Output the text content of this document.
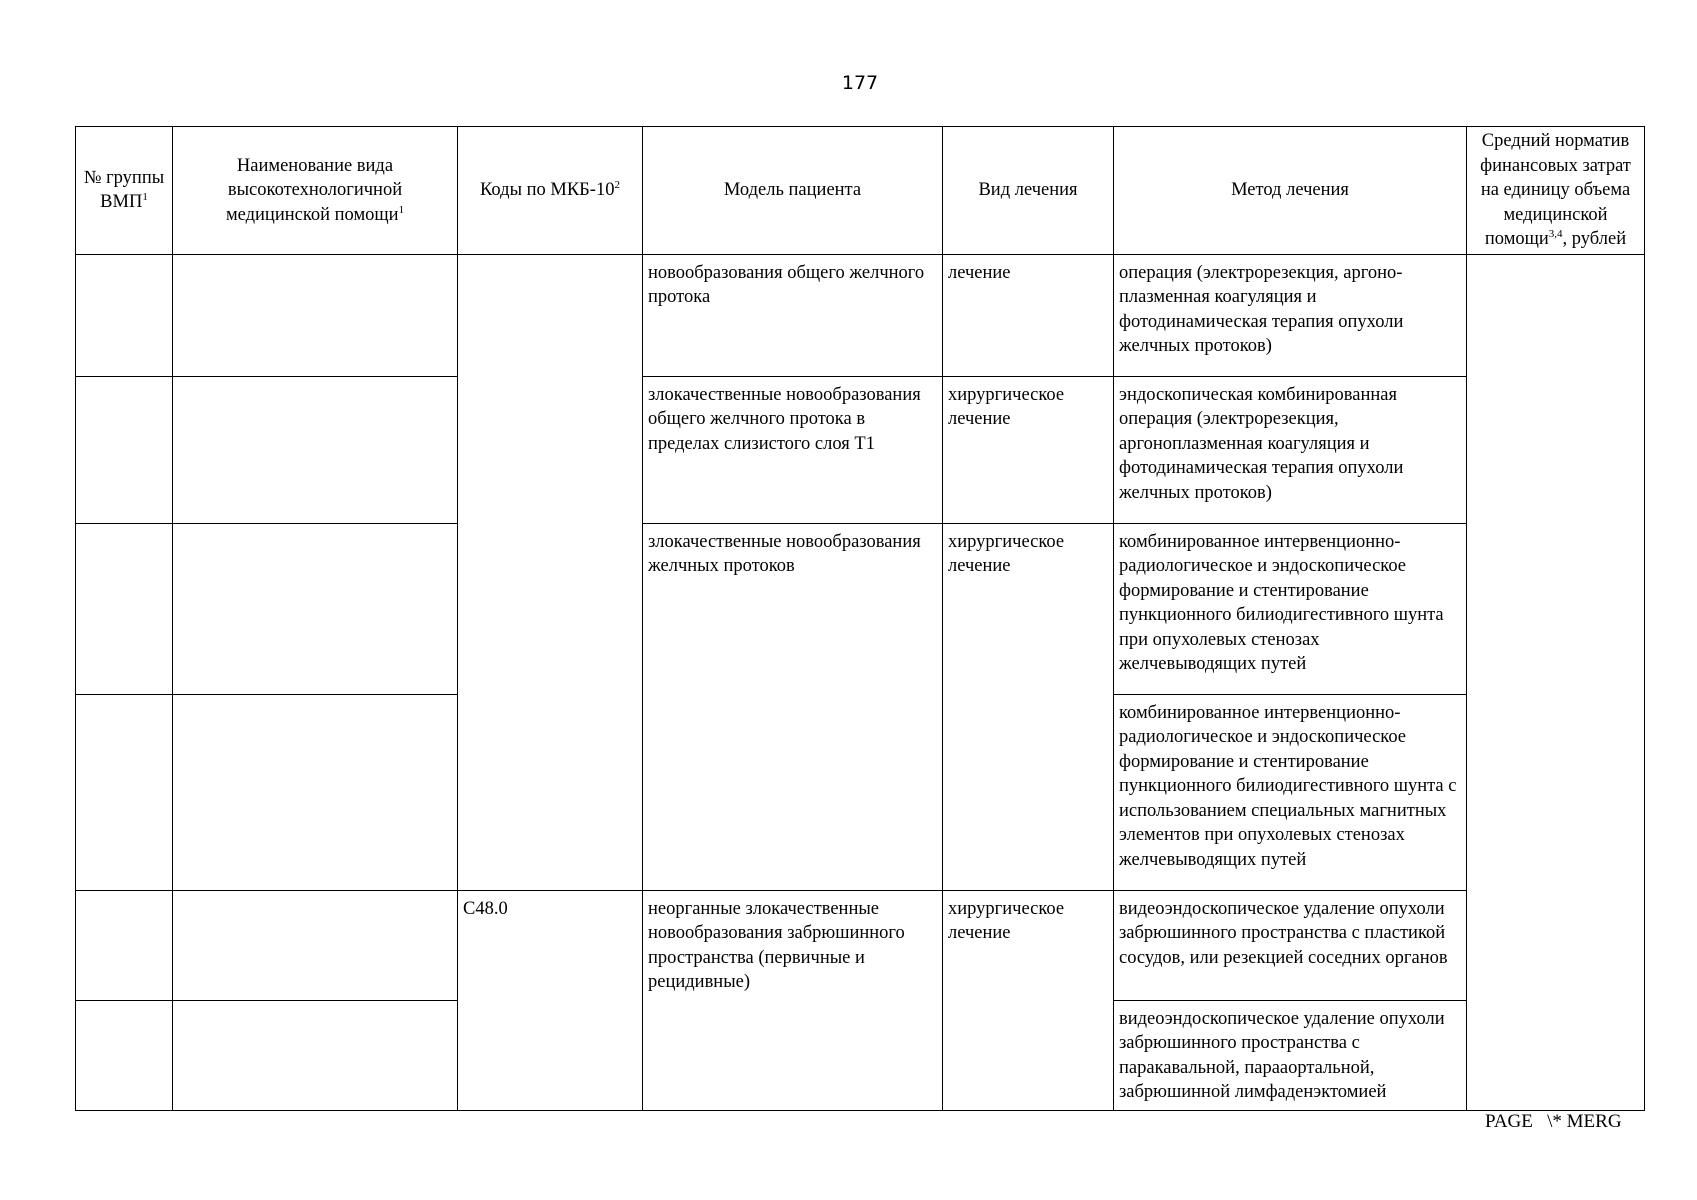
177
№ группы ВМП$^1$	Наименование вида высокотехнологичной медицинской помощи$^1$	Коды по МКБ-$10^2$	Модель пациента	Вид лечения	Метод лечения	Средний норматив финансовых затрат на единицу объема медицинской помощи$^{3,4}$, рублей
			новообразования общего желчного протока	лечение	операция (электрорезекция, аргоно-плазменная коагуляция и фотодинамическая терапия опухоли желчных протоков)	
			злокачественные новообразования общего желчного протока в пределах слизистого слоя T1	хирургическое лечение	эндоскопическая комбинированная операция (электрорезекция, аргоноплазменная коагуляция и фотодинамическая терапия опухоли желчных протоков)	
			злокачественные новообразования желчных протоков	хирургическое лечение	комбинированное интервенционно-радиологическое и эндоскопическое формирование и стентирование пункционного билиодигестивного шунта при опухолевых стенозах желчевыводящих путей	
					комбинированное интервенционно-радиологическое и эндоскопическое формирование и стентирование пункционного билиодигестивного шунта с использованием специальных магнитных элементов при опухолевых стенозах желчевыводящих путей	
		C48.0	неорганные злокачественные новообразования забрюшинного пространства (первичные и рецидивные)	хирургическое лечение	видеоэндоскопическое удаление опухоли забрюшинного пространства с пластикой сосудов, или резекцией соседних органов	
					видеоэндоскопическое удаление опухоли забрюшинного пространства с паракавальной, парааортальной, забрюшинной лимфаденэктомией	
PAGE   \* MERG
